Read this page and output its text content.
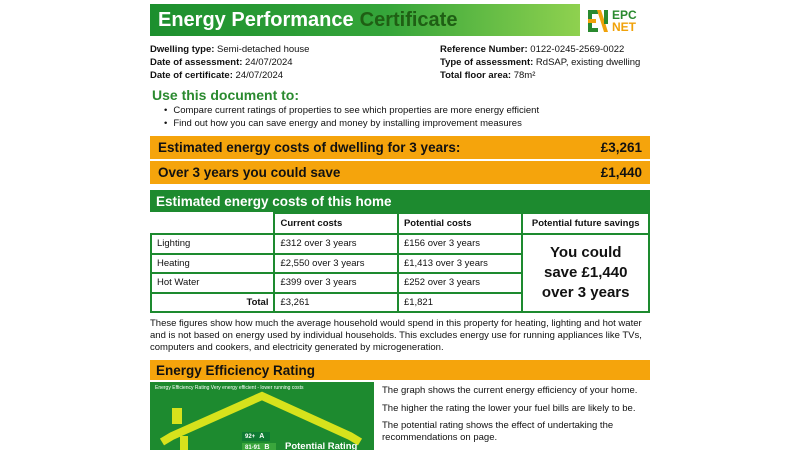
Energy Performance Certificate	EPC
NET
Dwelling type: Semi-detached house
Date of assessment: 24/07/2024
Date of certificate: 24/07/2024
Reference Number: 0122-0245-2569-0022
Type of assessment: RdSAP, existing dwelling
Total floor area: 78m²
Use this document to:
• Compare current ratings of properties to see which properties are more energy efficient
• Find out how you can save energy and money by installing improvement measures
Estimated energy costs of dwelling for 3 years:	£3,261
Over 3 years you could save	£1,440
Estimated energy costs of this home
	Current costs	Potential costs	Potential future savings
Lighting	£312 over 3 years	£156 over 3 years	You could
save £1,440
over 3 years

Heating	£2,550 over 3 years	£1,413 over 3 years	
Hot Water	£399 over 3 years	£252 over 3 years	
Total	£3,261	£1,821	

These figures show how much the average household would spend in this property for heating, lighting and hot water and is not based on energy used by individual households. This excludes energy use for running appliances like TVs, computers and cookers, and electricity generated by microgeneration.

Energy Efficiency Rating
Energy Efficiency Rating Very energy efficient - lower running costs
92+ A
81-91 B Potential Rating

The graph shows the current energy efficiency of your home.

The higher the rating the lower your fuel bills are likely to be.

The potential rating shows the effect of undertaking the recommendations on page.
